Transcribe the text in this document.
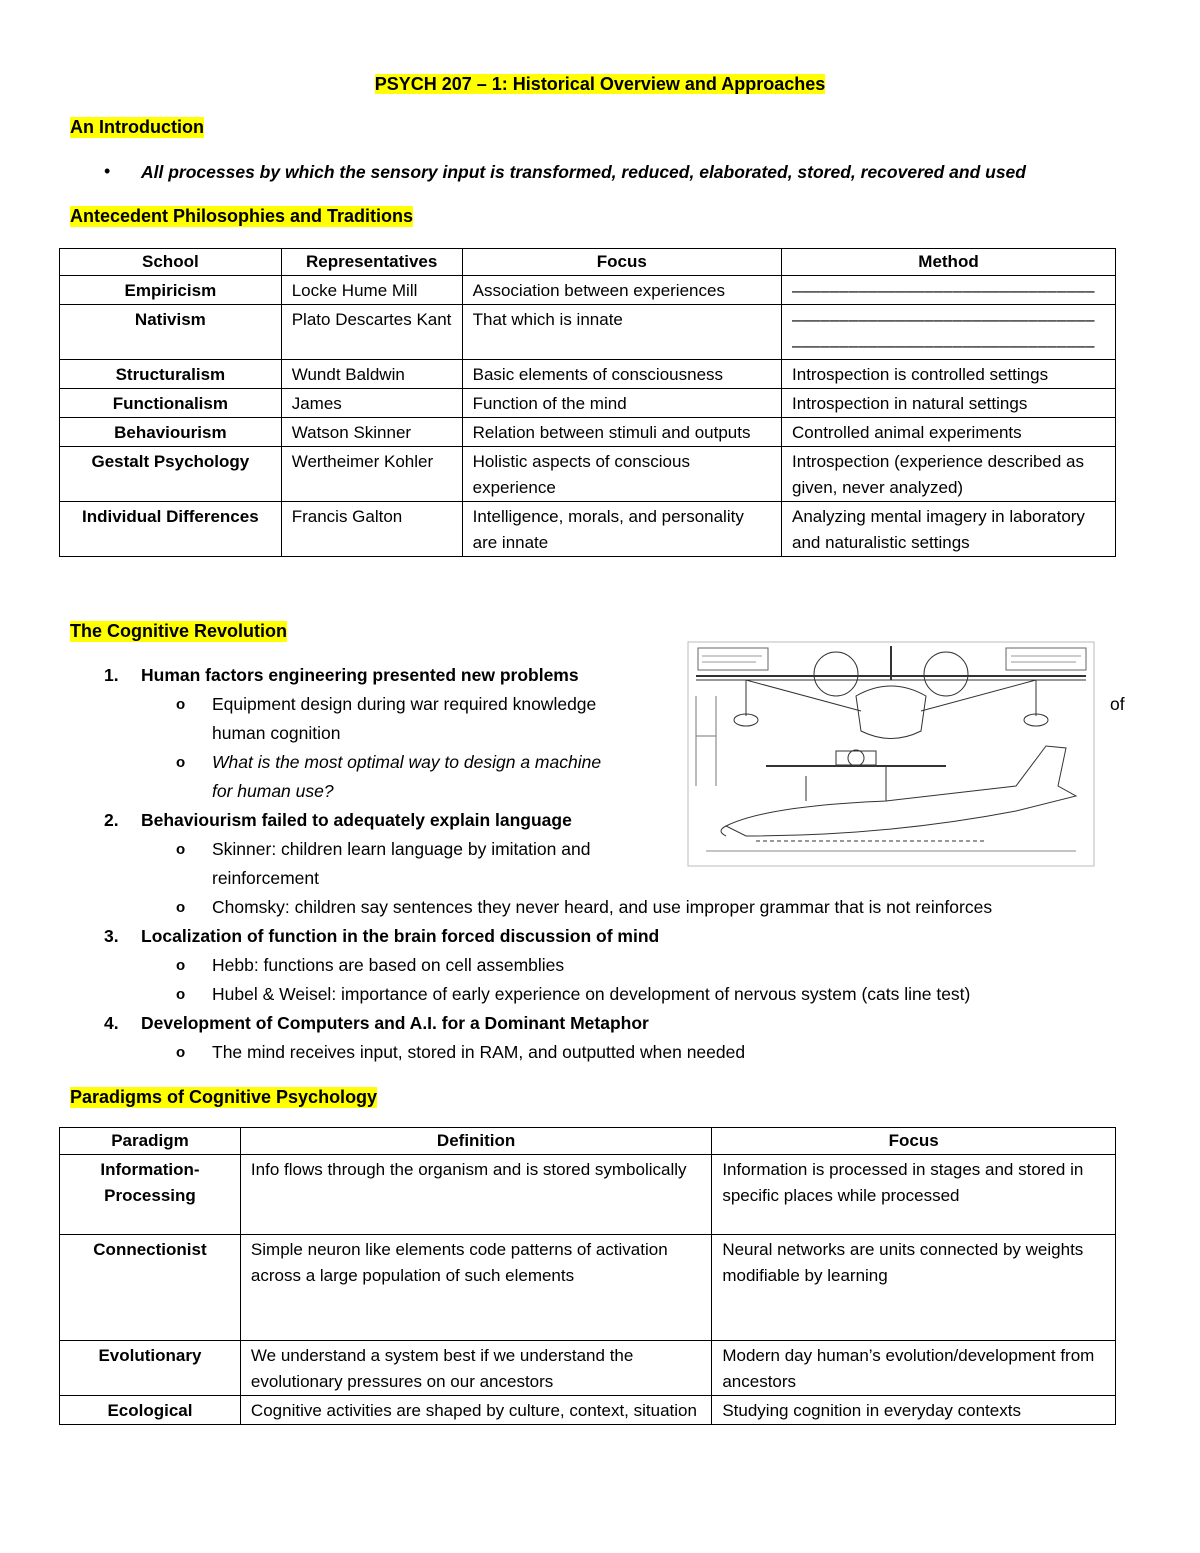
PSYCH 207 – 1: Historical Overview and Approaches
An Introduction
• All processes by which the sensory input is transformed, reduced, elaborated, stored, recovered and used
Antecedent Philosophies and Traditions
School	Representatives	Focus	Method
Empiricism	Locke Hume Mill	Association between experiences	––––––––––––––––––––––––––––––––
Nativism	Plato Descartes Kant	That which is innate	–––––––––––––––––––––––––––––––– ––––––––––––––––––––––––––––––––
Structuralism	Wundt Baldwin	Basic elements of consciousness	Introspection is controlled settings
Functionalism	James	Function of the mind	Introspection in natural settings
Behaviourism	Watson Skinner	Relation between stimuli and outputs	Controlled animal experiments
Gestalt Psychology	Wertheimer Kohler	Holistic aspects of conscious experience	Introspection (experience described as given, never analyzed)
Individual Differences	Francis Galton	Intelligence, morals, and personality are innate	Analyzing mental imagery in laboratory and naturalistic settings
The Cognitive Revolution
1. Human factors engineering presented new problems
o Equipment design during war required knowledge	of
human cognition
o What is the most optimal way to design a machine
for human use?
2. Behaviourism failed to adequately explain language
o Skinner: children learn language by imitation and
reinforcement
o Chomsky: children say sentences they never heard, and use improper grammar that is not reinforces
3. Localization of function in the brain forced discussion of mind
o Hebb: functions are based on cell assemblies
o Hubel & Weisel: importance of early experience on development of nervous system (cats line test)
4. Development of Computers and A.I. for a Dominant Metaphor
o The mind receives input, stored in RAM, and outputted when needed
Paradigms of Cognitive Psychology
Paradigm	Definition	Focus
Information-Processing	Info flows through the organism and is stored symbolically	Information is processed in stages and stored in specific places while processed
Connectionist	Simple neuron like elements code patterns of activation across a large population of such elements	Neural networks are units connected by weights modifiable by learning
Evolutionary	We understand a system best if we understand the evolutionary pressures on our ancestors	Modern day human’s evolution/development from ancestors
Ecological	Cognitive activities are shaped by culture, context, situation	Studying cognition in everyday contexts
